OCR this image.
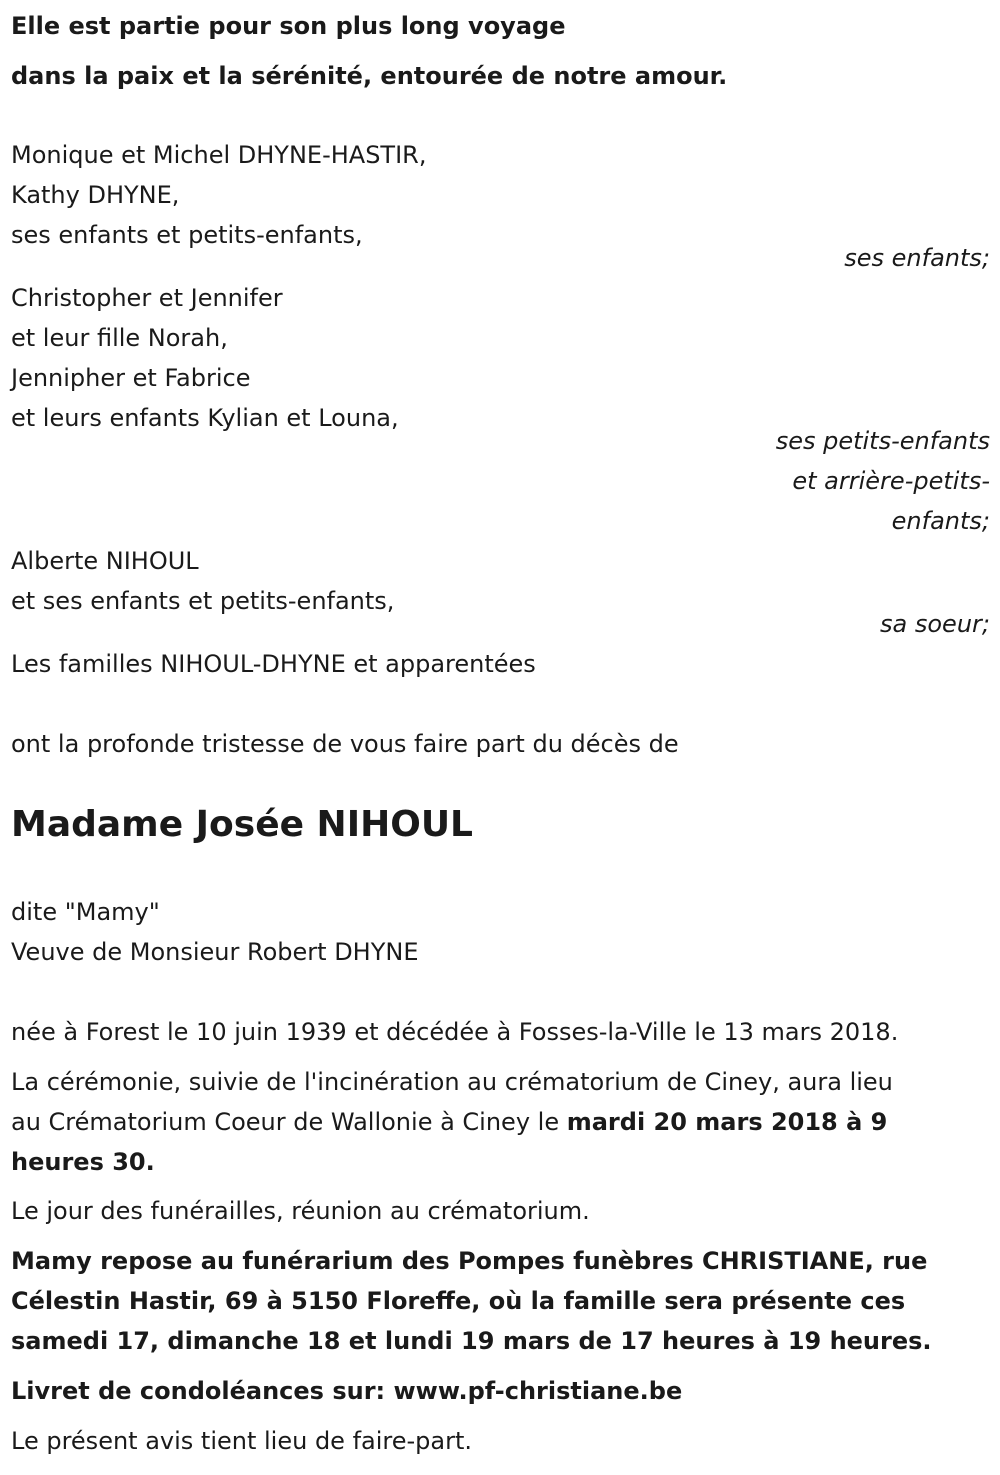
Elle est partie pour son plus long voyage
dans la paix et la sérénité, entourée de notre amour.
Monique et Michel DHYNE-HASTIR,
Kathy DHYNE,
ses enfants et petits-enfants,
ses enfants;
Christopher et Jennifer
et leur fille Norah,
Jennipher et Fabrice
et leurs enfants Kylian et Louna,
ses petits-enfants
et arrière-petits-
enfants;
Alberte NIHOUL
et ses enfants et petits-enfants,
sa soeur;
Les familles NIHOUL-DHYNE et apparentées
ont la profonde tristesse de vous faire part du décès de
Madame Josée NIHOUL
dite "Mamy"
Veuve de Monsieur Robert DHYNE
née à Forest le 10 juin 1939 et décédée à Fosses-la-Ville le 13 mars 2018.
La cérémonie, suivie de l'incinération au crématorium de Ciney, aura lieu
au Crématorium Coeur de Wallonie à Ciney le mardi 20 mars 2018 à 9
heures 30.
Le jour des funérailles, réunion au crématorium.
Mamy repose au funérarium des Pompes funèbres CHRISTIANE, rue
Célestin Hastir, 69 à 5150 Floreffe, où la famille sera présente ces
samedi 17, dimanche 18 et lundi 19 mars de 17 heures à 19 heures.
Livret de condoléances sur: www.pf-christiane.be
Le présent avis tient lieu de faire-part.
